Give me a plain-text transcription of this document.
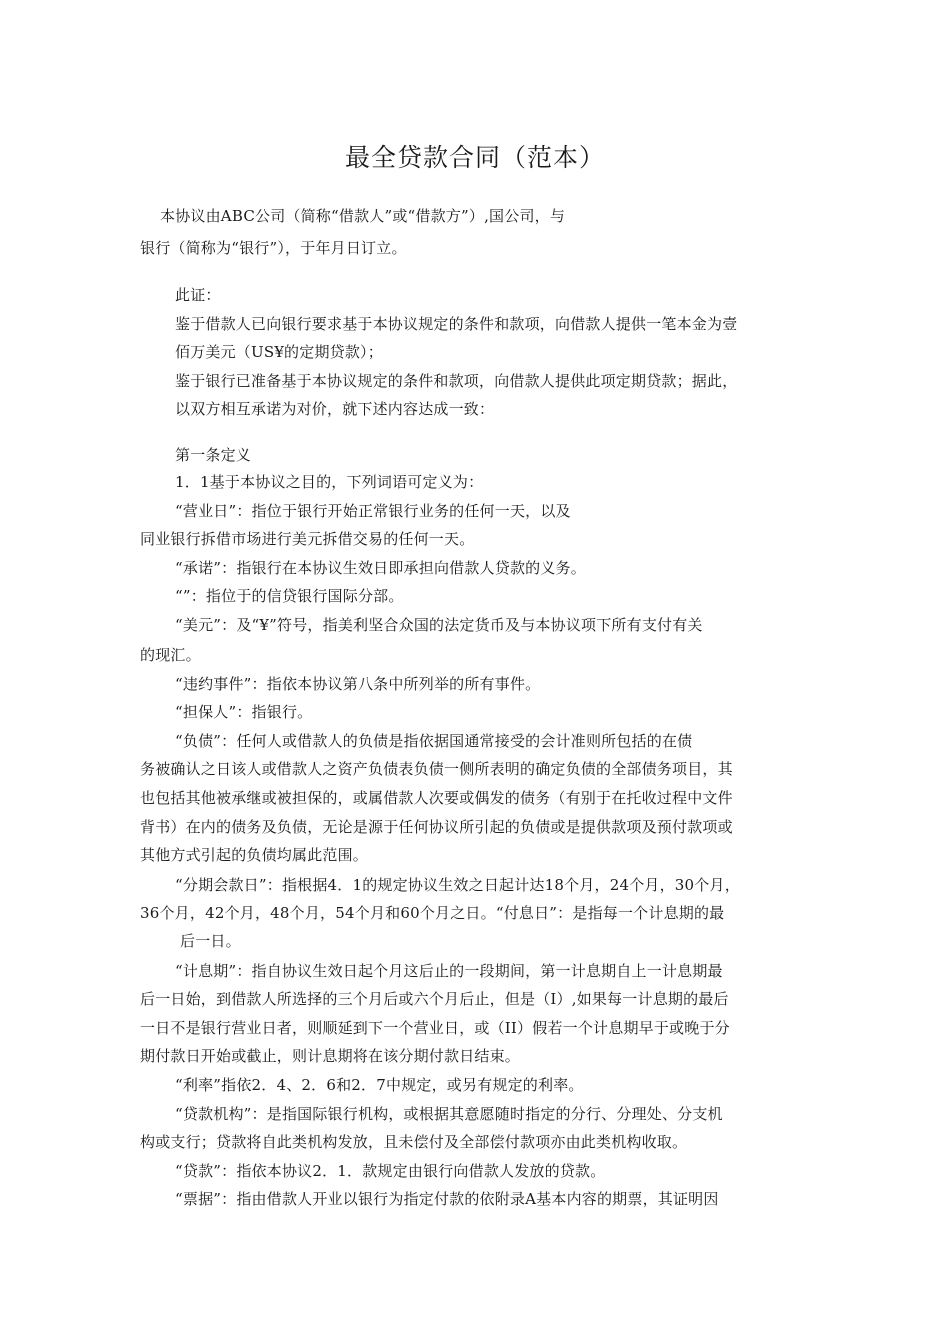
最全贷款合同（范本）
本协议由ABC公司（简称“借款人”或“借款方”）,国公司，与
银行（简称为“银行”），于年月日订立。
此证：
鉴于借款人已向银行要求基于本协议规定的条件和款项，向借款人提供一笔本金为壹
佰万美元（US¥的定期贷款）；
鉴于银行已准备基于本协议规定的条件和款项，向借款人提供此项定期贷款；据此，
以双方相互承诺为对价，就下述内容达成一致：
第一条定义
1．1基于本协议之目的，下列词语可定义为：
“营业日”：指位于银行开始正常银行业务的任何一天，以及
同业银行拆借市场进行美元拆借交易的任何一天。
“承诺”：指银行在本协议生效日即承担向借款人贷款的义务。
“”：指位于的信贷银行国际分部。
“美元”：及“¥”符号，指美利坚合众国的法定货币及与本协议项下所有支付有关
的现汇。
“违约事件”：指依本协议第八条中所列举的所有事件。
“担保人”：指银行。
“负债”：任何人或借款人的负债是指依据国通常接受的会计准则所包括的在债
务被确认之日该人或借款人之资产负债表负债一侧所表明的确定负债的全部债务项目，其
也包括其他被承继或被担保的，或属借款人次要或偶发的债务（有别于在托收过程中文件
背书）在内的债务及负债，无论是源于任何协议所引起的负债或是提供款项及预付款项或
其他方式引起的负债均属此范围。
“分期会款日”：指根据4．1的规定协议生效之日起计达18个月，24个月，30个月，
36个月，42个月，48个月，54个月和60个月之日。“付息日”：是指每一个计息期的最
后一日。
“计息期”：指自协议生效日起个月这后止的一段期间，第一计息期自上一计息期最
后一日始，到借款人所选择的三个月后或六个月后止，但是（I）,如果每一计息期的最后
一日不是银行营业日者，则顺延到下一个营业日，或（II）假若一个计息期早于或晚于分
期付款日开始或截止，则计息期将在该分期付款日结束。
“利率”指依2．4、2．6和2．7中规定，或另有规定的利率。
“贷款机构”：是指国际银行机构，或根据其意愿随时指定的分行、分理处、分支机
构或支行；贷款将自此类机构发放，且未偿付及全部偿付款项亦由此类机构收取。
“贷款”：指依本协议2．1．款规定由银行向借款人发放的贷款。
“票据”：指由借款人开业以银行为指定付款的依附录A基本内容的期票，其证明因
